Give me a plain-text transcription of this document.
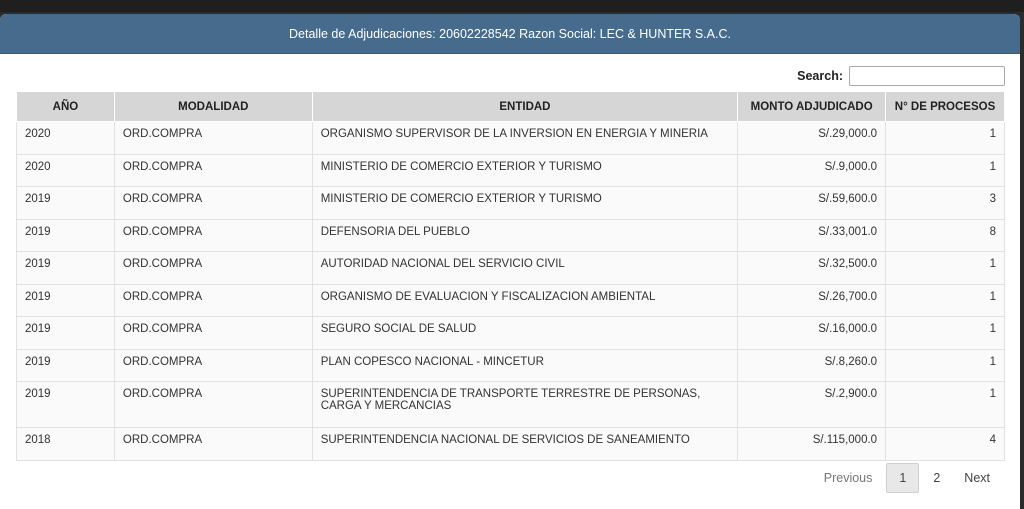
Detalle de Adjudicaciones: 20602228542 Razon Social: LEC & HUNTER S.A.C.
Search:
AÑO	MODALIDAD	ENTIDAD	MONTO ADJUDICADO	N° DE PROCESOS
2020	ORD.COMPRA	ORGANISMO SUPERVISOR DE LA INVERSION EN ENERGIA Y MINERIA	S/.29,000.0	1
2020	ORD.COMPRA	MINISTERIO DE COMERCIO EXTERIOR Y TURISMO	S/.9,000.0	1
2019	ORD.COMPRA	MINISTERIO DE COMERCIO EXTERIOR Y TURISMO	S/.59,600.0	3
2019	ORD.COMPRA	DEFENSORIA DEL PUEBLO	S/.33,001.0	8
2019	ORD.COMPRA	AUTORIDAD NACIONAL DEL SERVICIO CIVIL	S/.32,500.0	1
2019	ORD.COMPRA	ORGANISMO DE EVALUACION Y FISCALIZACION AMBIENTAL	S/.26,700.0	1
2019	ORD.COMPRA	SEGURO SOCIAL DE SALUD	S/.16,000.0	1
2019	ORD.COMPRA	PLAN COPESCO NACIONAL - MINCETUR	S/.8,260.0	1
2019	ORD.COMPRA	SUPERINTENDENCIA DE TRANSPORTE TERRESTRE DE PERSONAS, CARGA Y MERCANCIAS	S/.2,900.0	1
2018	ORD.COMPRA	SUPERINTENDENCIA NACIONAL DE SERVICIOS DE SANEAMIENTO	S/.115,000.0	4
Previous	1	2	Next
